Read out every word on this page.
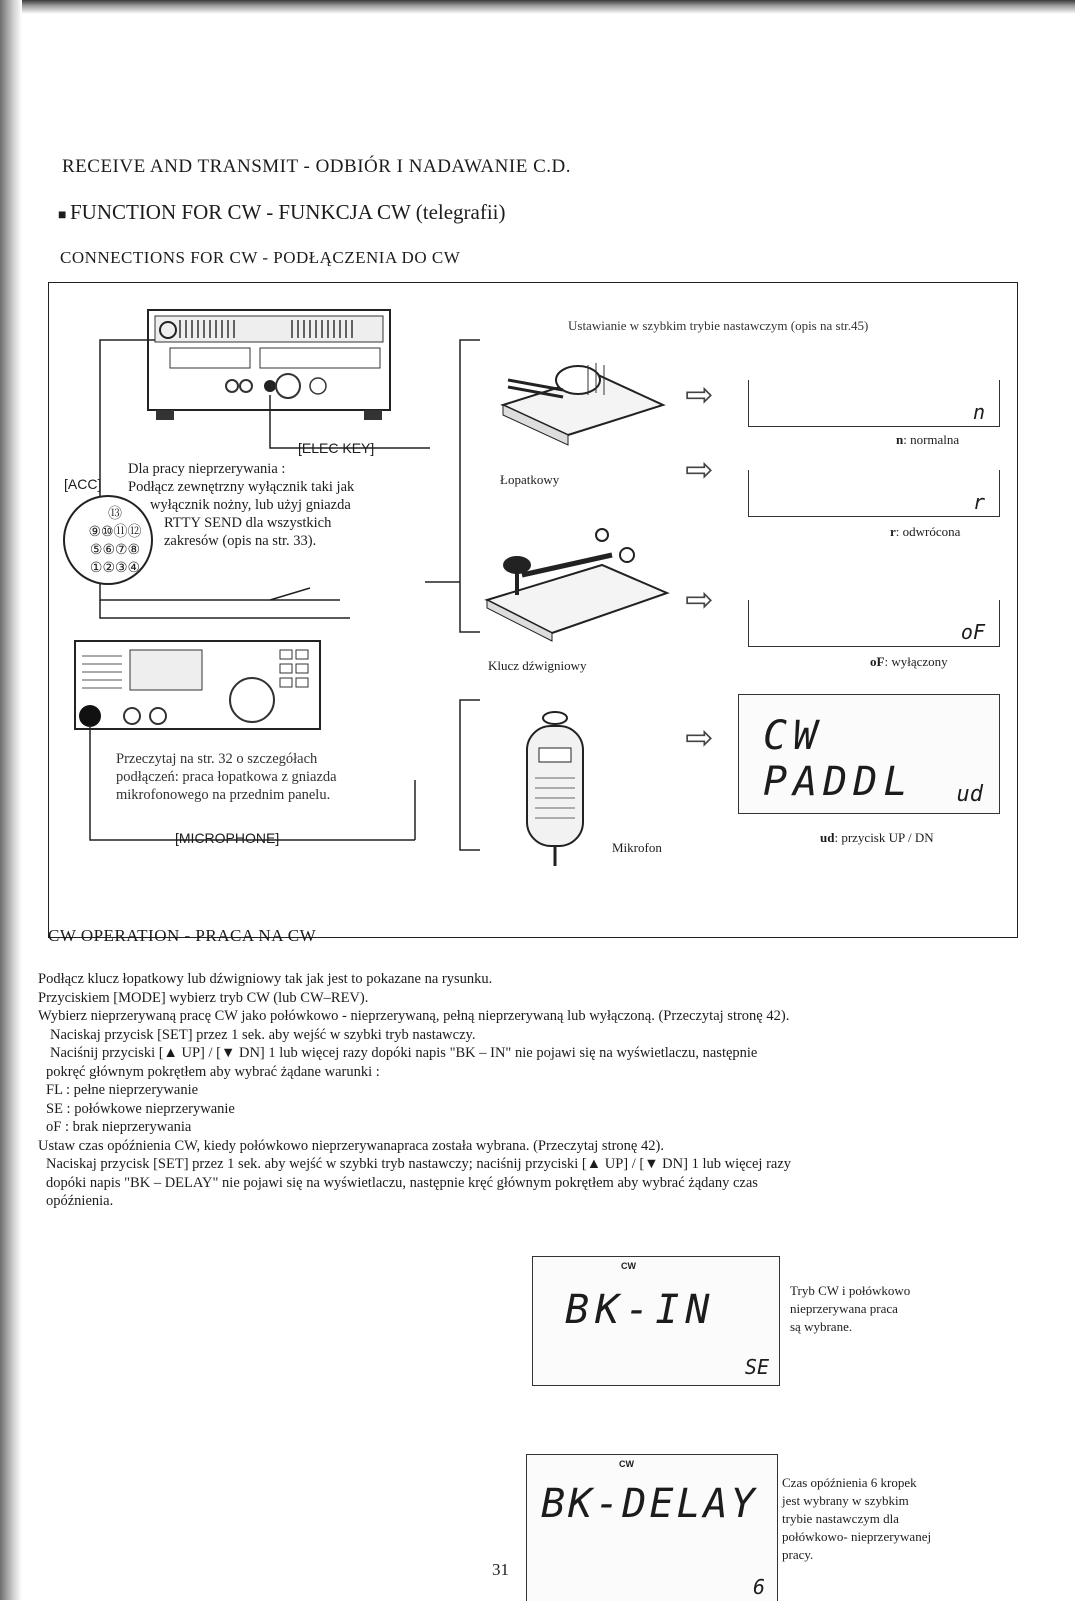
RECEIVE AND TRANSMIT - ODBIÓR I NADAWANIE C.D.
■ FUNCTION FOR CW - FUNKCJA CW (telegrafii)
CONNECTIONS FOR CW - PODŁĄCZENIA DO CW
⑬
⑨⑩⑪⑫
⑤⑥⑦⑧
①②③④
[ELEC KEY]
[ACC]
Dla pracy nieprzerywania :
Podłącz zewnętrzny wyłącznik taki jak
wyłącznik nożny, lub użyj gniazda
RTTY SEND dla wszystkich
zakresów (opis na str. 33).
Przeczytaj na str. 32 o szczegółach
podłączeń: praca łopatkowa z gniazda
mikrofonowego na przednim panelu.
[MICROPHONE]
Łopatkowy
Klucz dźwigniowy
Mikrofon
⇨
⇨
⇨
⇨
Ustawianie w szybkim trybie nastawczym (opis na str.45)
n
n: normalna
r
r: odwrócona
oF
oF: wyłączony
CW PADDL	ud
ud: przycisk UP / DN
CW OPERATION - PRACA NA CW
Podłącz klucz łopatkowy lub dźwigniowy tak jak jest to pokazane na rysunku.
Przyciskiem [MODE] wybierz tryb CW (lub CW–REV).
Wybierz nieprzerywaną pracę CW jako połówkowo - nieprzerywaną, pełną nieprzerywaną lub wyłączoną. (Przeczytaj stronę 42).
Naciskaj przycisk [SET] przez 1 sek. aby wejść w szybki tryb nastawczy.
Naciśnij przyciski [▲ UP] / [▼ DN] 1 lub więcej razy dopóki napis "BK – IN" nie pojawi się na wyświetlaczu, następnie
pokręć głównym pokrętłem aby wybrać żądane warunki :
FL : pełne nieprzerywanie
SE : połówkowe nieprzerywanie
oF : brak nieprzerywania
Ustaw czas opóźnienia CW, kiedy połówkowo nieprzerywanapraca została wybrana. (Przeczytaj stronę 42).
Naciskaj przycisk [SET] przez 1 sek. aby wejść w szybki tryb nastawczy; naciśnij przyciski [▲ UP] / [▼ DN] 1 lub więcej razy
dopóki napis "BK – DELAY" nie pojawi się na wyświetlaczu, następnie kręć głównym pokrętłem aby wybrać żądany czas
opóźnienia.
CW
BK-IN
SE
Tryb CW i połówkowo
nieprzerywana praca
są wybrane.
CW
BK-DELAY
6
Czas opóźnienia 6 kropek
jest wybrany w szybkim
trybie nastawczym dla
połówkowo- nieprzerywanej
pracy.
31
